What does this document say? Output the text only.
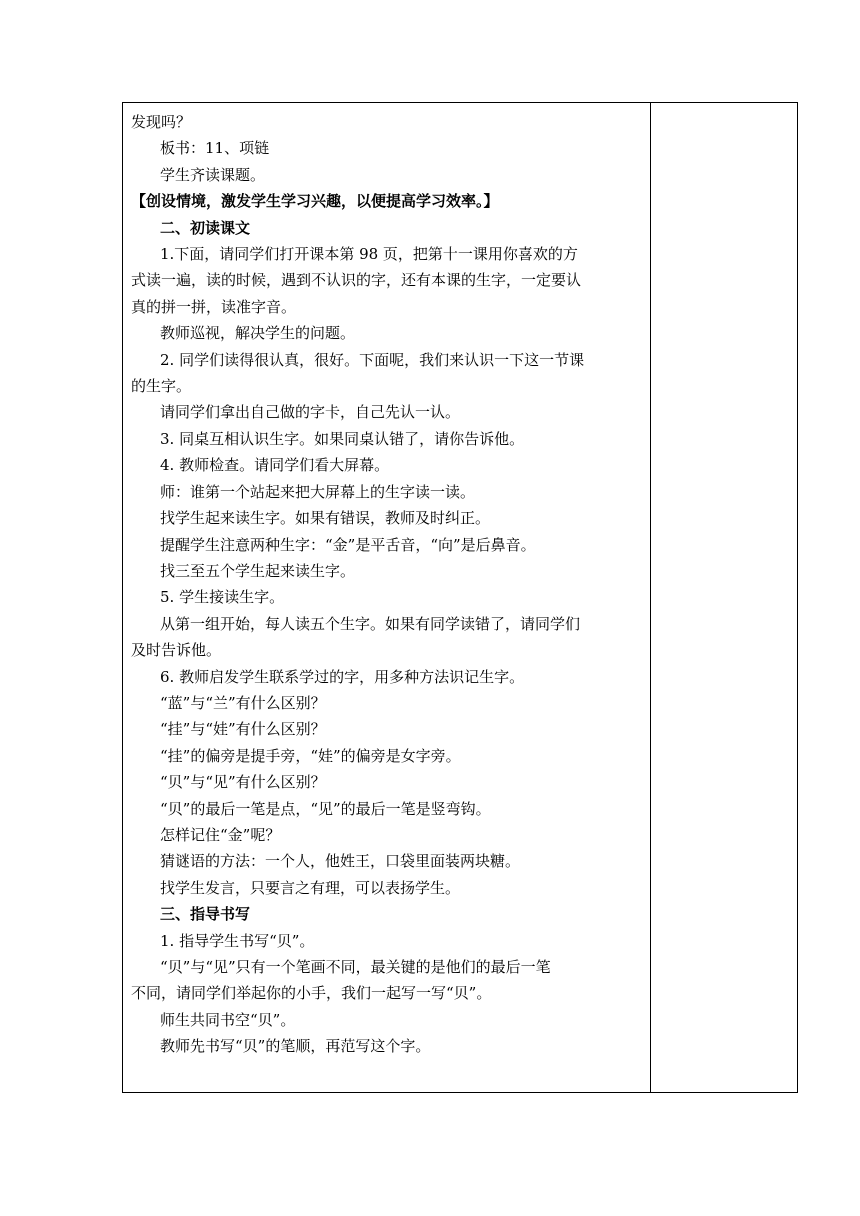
发现吗？
板书：11、项链
学生齐读课题。
【创设情境，激发学生学习兴趣，以便提高学习效率。】
二、初读课文
1.下面，请同学们打开课本第 98 页，把第十一课用你喜欢的方
式读一遍，读的时候，遇到不认识的字，还有本课的生字，一定要认
真的拼一拼，读准字音。
教师巡视，解决学生的问题。
2. 同学们读得很认真，很好。下面呢，我们来认识一下这一节课
的生字。
请同学们拿出自己做的字卡，自己先认一认。
3. 同桌互相认识生字。如果同桌认错了，请你告诉他。
4. 教师检查。请同学们看大屏幕。
师：谁第一个站起来把大屏幕上的生字读一读。
找学生起来读生字。如果有错误，教师及时纠正。
提醒学生注意两种生字：“金”是平舌音，“向”是后鼻音。
找三至五个学生起来读生字。
5. 学生接读生字。
从第一组开始，每人读五个生字。如果有同学读错了，请同学们
及时告诉他。
6. 教师启发学生联系学过的字，用多种方法识记生字。
“蓝”与“兰”有什么区别？
“挂”与“娃”有什么区别？
“挂”的偏旁是提手旁，“娃”的偏旁是女字旁。
“贝”与“见”有什么区别？
“贝”的最后一笔是点，“见”的最后一笔是竖弯钩。
怎样记住“金”呢？
猜谜语的方法：一个人，他姓王，口袋里面装两块糖。
找学生发言，只要言之有理，可以表扬学生。
三、指导书写
1. 指导学生书写“贝”。
“贝”与“见”只有一个笔画不同，最关键的是他们的最后一笔
不同，请同学们举起你的小手，我们一起写一写“贝”。
师生共同书空“贝”。
教师先书写“贝”的笔顺，再范写这个字。
